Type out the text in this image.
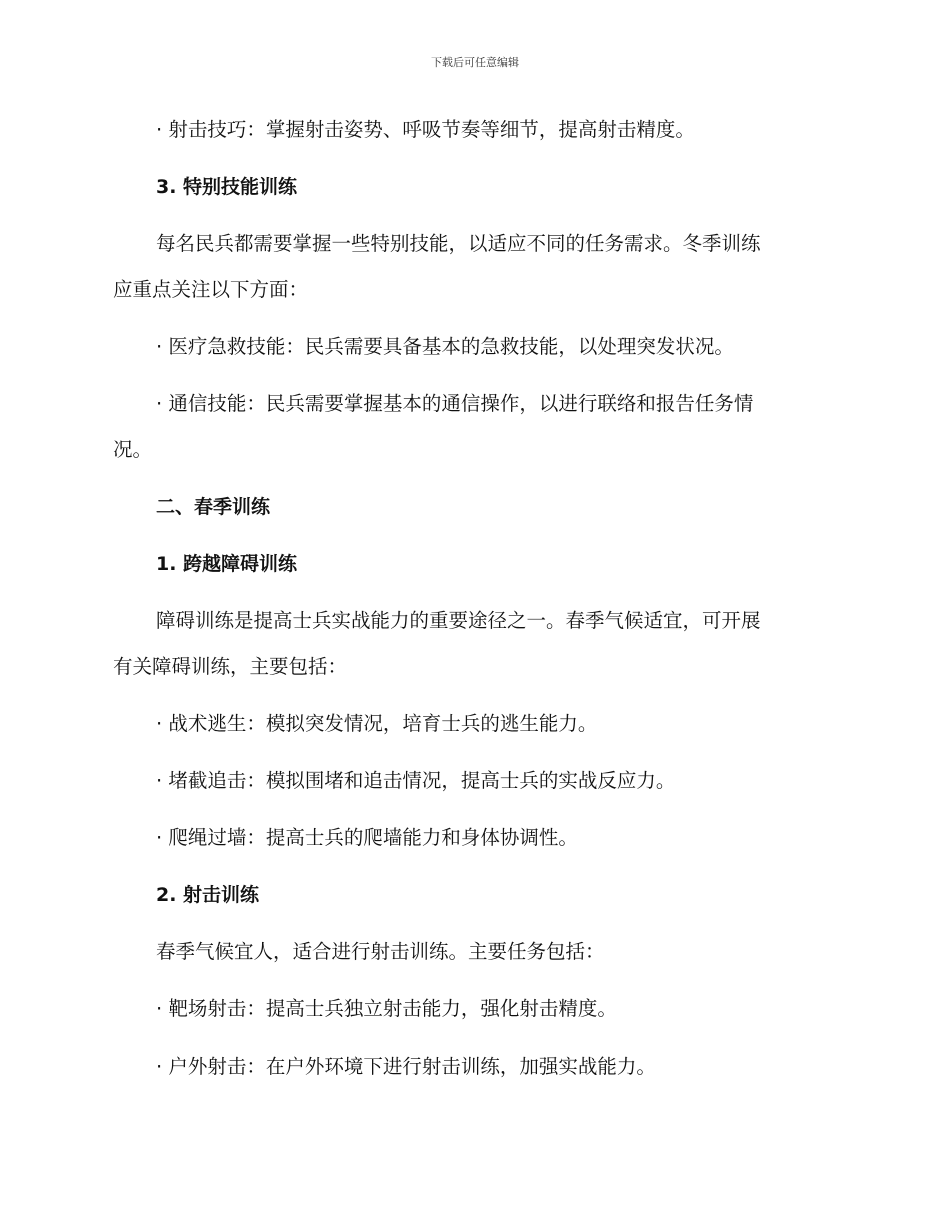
下载后可任意编辑
· 射击技巧：掌握射击姿势、呼吸节奏等细节，提高射击精度。
3. 特别技能训练
每名民兵都需要掌握一些特别技能，以适应不同的任务需求。冬季训练
应重点关注以下方面：
· 医疗急救技能：民兵需要具备基本的急救技能，以处理突发状况。
· 通信技能：民兵需要掌握基本的通信操作，以进行联络和报告任务情
况。
二、春季训练
1. 跨越障碍训练
障碍训练是提高士兵实战能力的重要途径之一。春季气候适宜，可开展
有关障碍训练，主要包括：
· 战术逃生：模拟突发情况，培育士兵的逃生能力。
· 堵截追击：模拟围堵和追击情况，提高士兵的实战反应力。
· 爬绳过墙：提高士兵的爬墙能力和身体协调性。
2. 射击训练
春季气候宜人，适合进行射击训练。主要任务包括：
· 靶场射击：提高士兵独立射击能力，强化射击精度。
· 户外射击：在户外环境下进行射击训练，加强实战能力。
